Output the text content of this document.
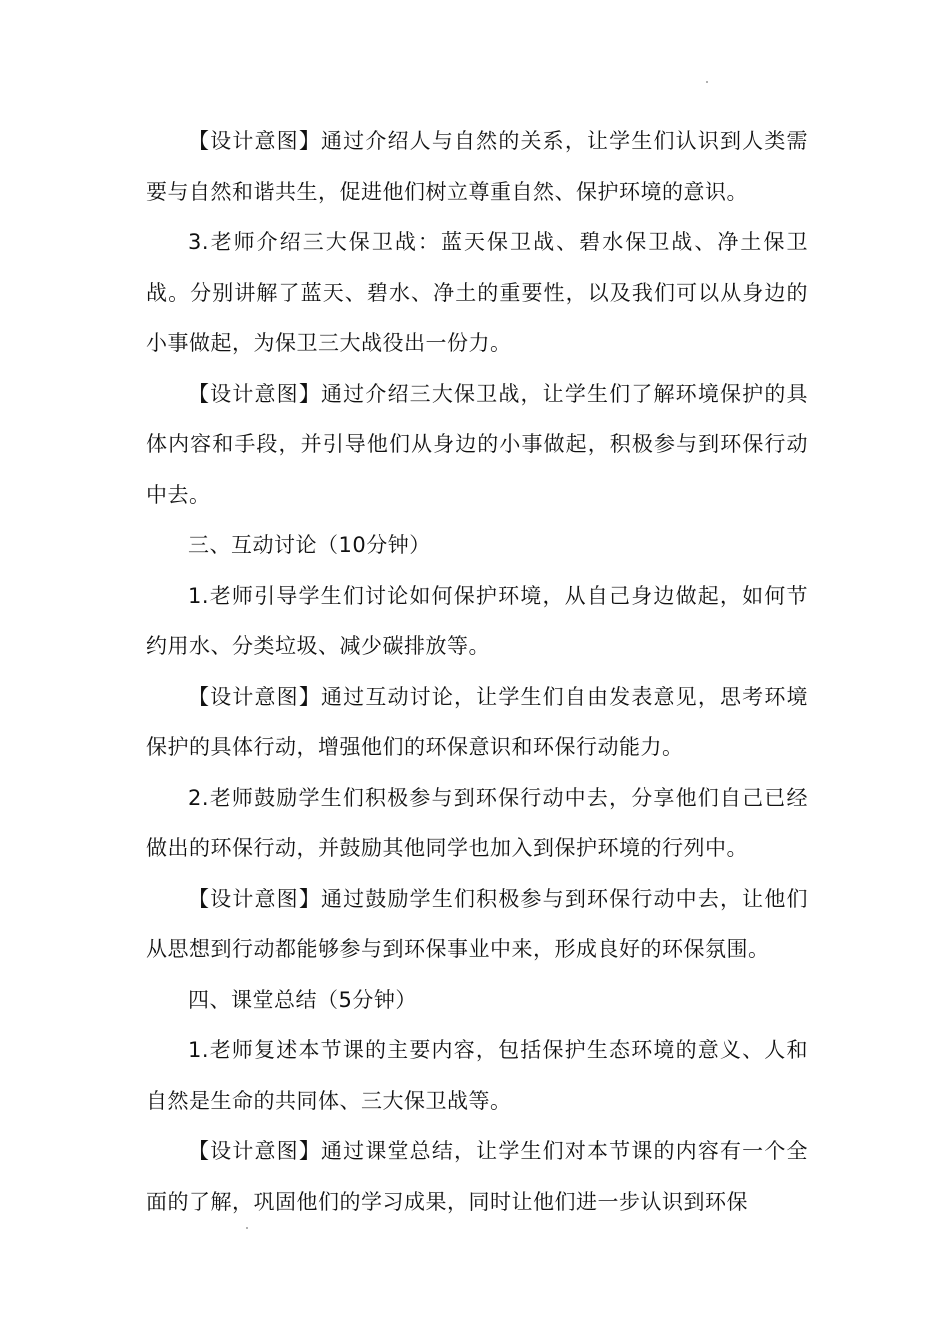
【设计意图】通过介绍人与自然的关系，让学生们认识到人类需要与自然和谐共生，促进他们树立尊重自然、保护环境的意识。

3.老师介绍三大保卫战：蓝天保卫战、碧水保卫战、净土保卫战。分别讲解了蓝天、碧水、净土的重要性，以及我们可以从身边的小事做起，为保卫三大战役出一份力。

【设计意图】通过介绍三大保卫战，让学生们了解环境保护的具体内容和手段，并引导他们从身边的小事做起，积极参与到环保行动中去。

三、互动讨论（10分钟）

1.老师引导学生们讨论如何保护环境，从自己身边做起，如何节约用水、分类垃圾、减少碳排放等。

【设计意图】通过互动讨论，让学生们自由发表意见，思考环境保护的具体行动，增强他们的环保意识和环保行动能力。

2.老师鼓励学生们积极参与到环保行动中去，分享他们自己已经做出的环保行动，并鼓励其他同学也加入到保护环境的行列中。

【设计意图】通过鼓励学生们积极参与到环保行动中去，让他们从思想到行动都能够参与到环保事业中来，形成良好的环保氛围。

四、课堂总结（5分钟）

1.老师复述本节课的主要内容，包括保护生态环境的意义、人和自然是生命的共同体、三大保卫战等。

【设计意图】通过课堂总结，让学生们对本节课的内容有一个全面的了解，巩固他们的学习成果，同时让他们进一步认识到环保
